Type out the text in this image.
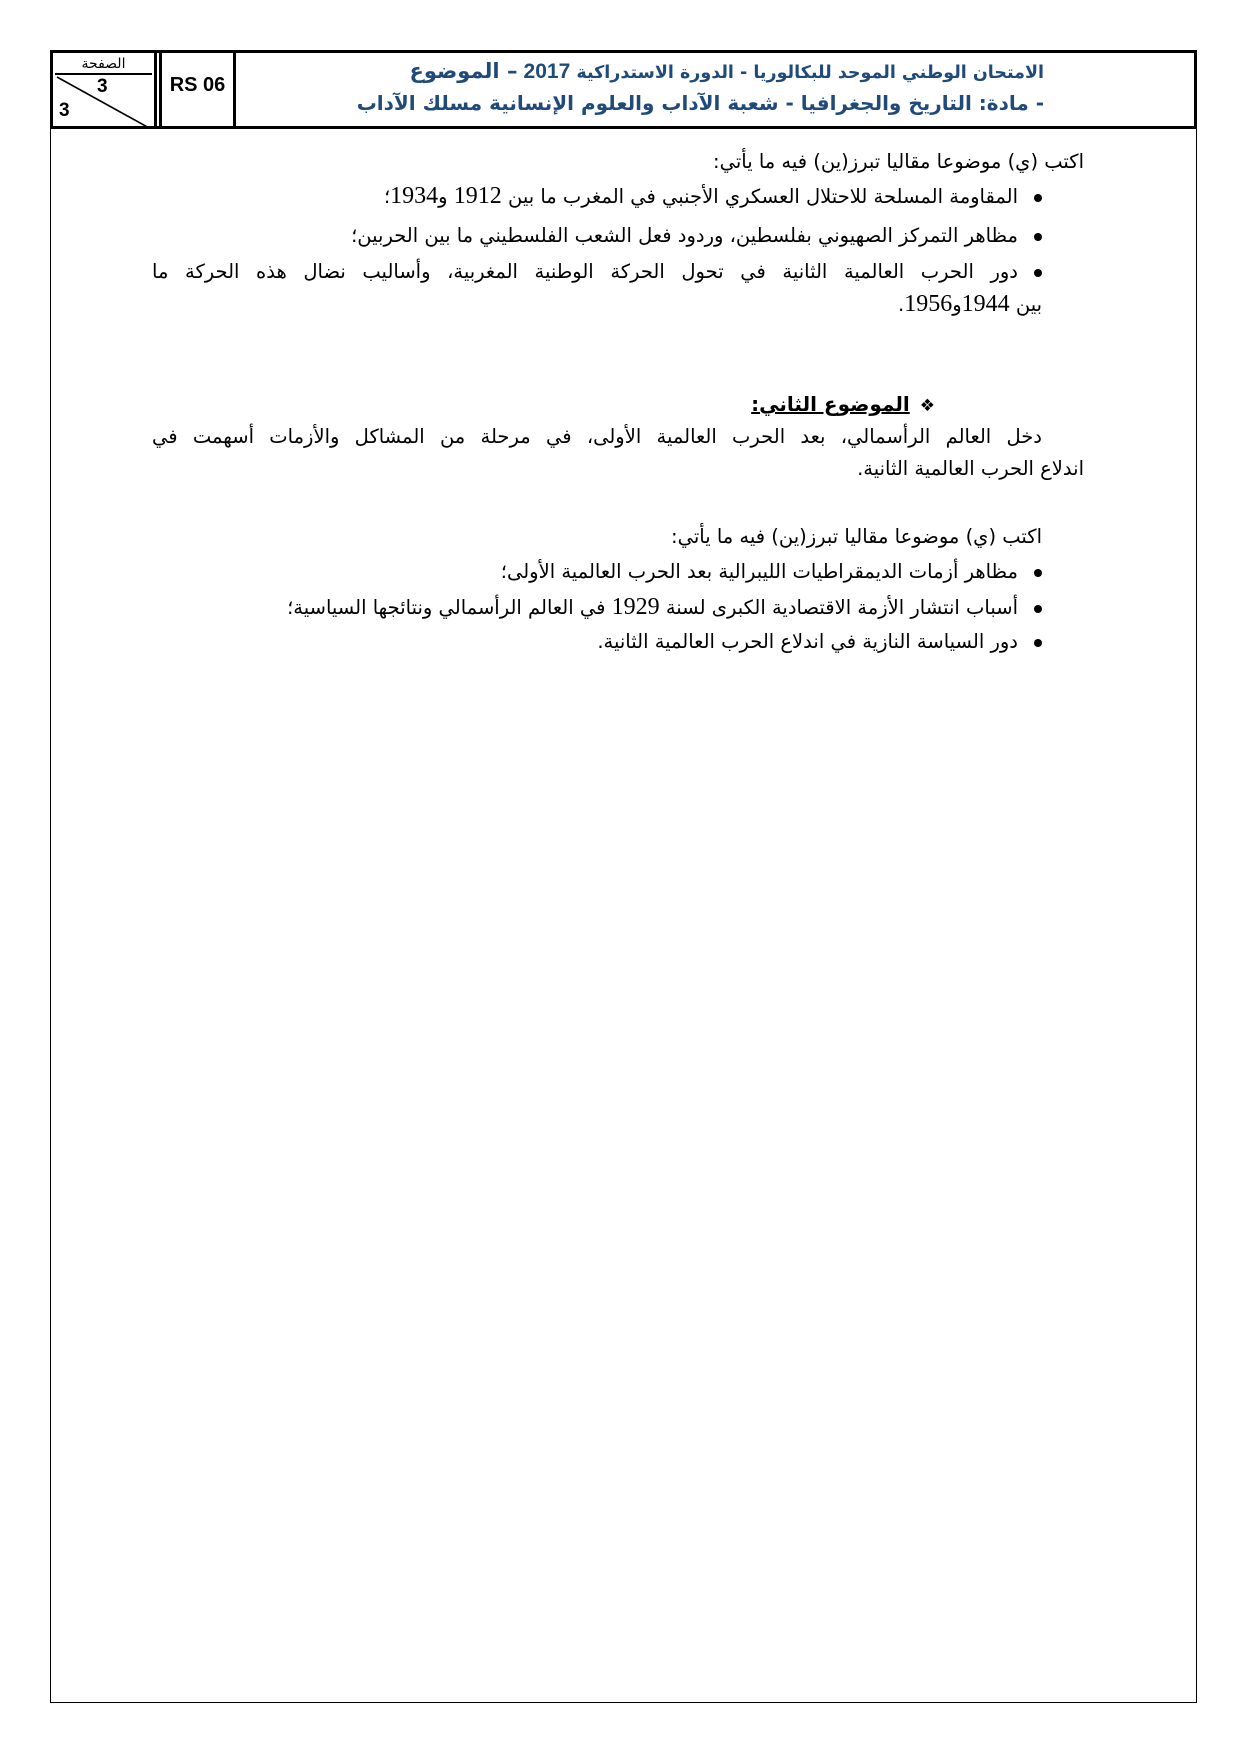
الصفحة
3
3
RS 06
الامتحان الوطني الموحد للبكالوريا - الدورة الاستدراكية 2017 – الموضوع
- مادة: التاريخ والجغرافيا - شعبة الآداب والعلوم الإنسانية مسلك الآداب
اكتب (ي) موضوعا مقاليا تبرز(ين) فيه ما يأتي:
المقاومة المسلحة للاحتلال العسكري الأجنبي في المغرب ما بين 1912 و1934؛
مظاهر التمركز الصهيوني بفلسطين، وردود فعل الشعب الفلسطيني ما بين الحربين؛
دور الحرب العالمية الثانية في تحول الحركة الوطنية المغربية، وأساليب نضال هذه الحركة ما
بين 1944و1956.
❖الموضوع الثاني:
دخل العالم الرأسمالي، بعد الحرب العالمية الأولى، في مرحلة من المشاكل والأزمات أسهمت في
اندلاع الحرب العالمية الثانية.
اكتب (ي) موضوعا مقاليا تبرز(ين) فيه ما يأتي:
مظاهر أزمات الديمقراطيات الليبرالية بعد الحرب العالمية الأولى؛
أسباب انتشار الأزمة الاقتصادية الكبرى لسنة 1929 في العالم الرأسمالي ونتائجها السياسية؛
دور السياسة النازية في اندلاع الحرب العالمية الثانية.
